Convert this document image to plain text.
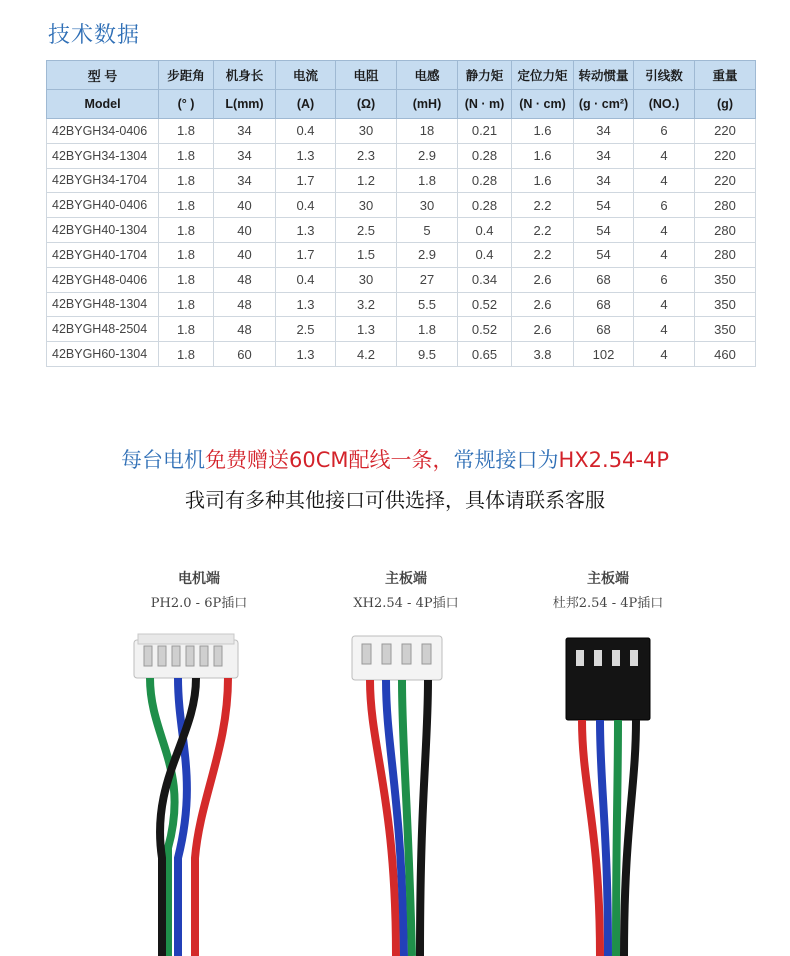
技术数据
型 号	步距角	机身长	电流	电阻	电感	静力矩	定位力矩	转动惯量	引线数	重量
Model	(° )	L(mm)	(A)	(Ω)	(mH)	(N · m)	(N · cm)	(g · cm²)	(NO.)	(g)
42BYGH34-0406	1.8	34	0.4	30	18	0.21	1.6	34	6	220
42BYGH34-1304	1.8	34	1.3	2.3	2.9	0.28	1.6	34	4	220
42BYGH34-1704	1.8	34	1.7	1.2	1.8	0.28	1.6	34	4	220
42BYGH40-0406	1.8	40	0.4	30	30	0.28	2.2	54	6	280
42BYGH40-1304	1.8	40	1.3	2.5	5	0.4	2.2	54	4	280
42BYGH40-1704	1.8	40	1.7	1.5	2.9	0.4	2.2	54	4	280
42BYGH48-0406	1.8	48	0.4	30	27	0.34	2.6	68	6	350
42BYGH48-1304	1.8	48	1.3	3.2	5.5	0.52	2.6	68	4	350
42BYGH48-2504	1.8	48	2.5	1.3	1.8	0.52	2.6	68	4	350
42BYGH60-1304	1.8	60	1.3	4.2	9.5	0.65	3.8	102	4	460
每台电机免费赠送60CM配线一条，常规接口为HX2.54-4P
我司有多种其他接口可供选择，具体请联系客服
电机端
PH2.0 - 6P插口
主板端
XH2.54 - 4P插口
主板端
杜邦2.54 - 4P插口
